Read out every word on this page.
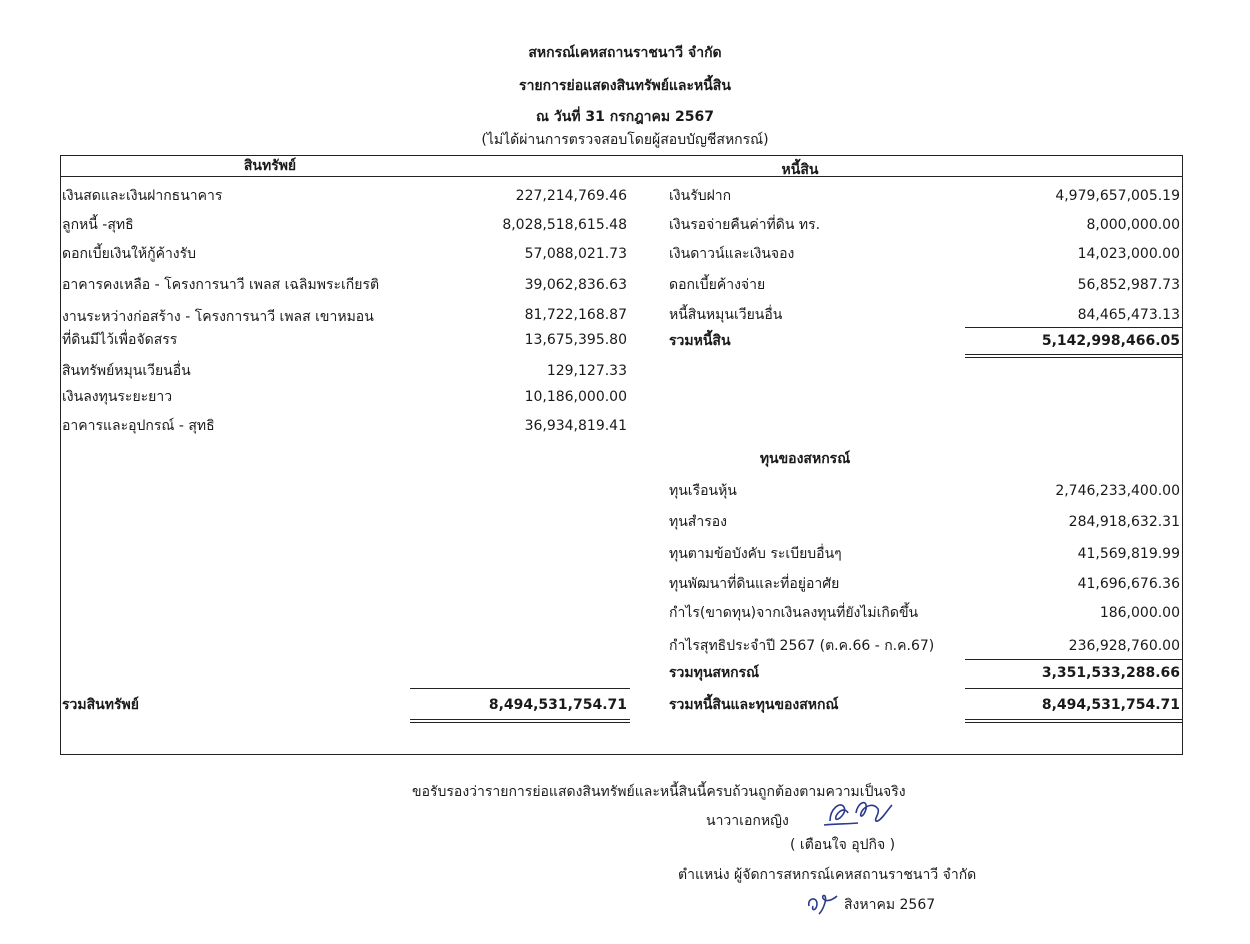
สหกรณ์เคหสถานราชนาวี จำกัด
รายการย่อแสดงสินทรัพย์และหนี้สิน
ณ วันที่ 31 กรกฎาคม 2567
(ไม่ได้ผ่านการตรวจสอบโดยผู้สอบบัญชีสหกรณ์)
สินทรัพย์	หนี้สิน
เงินสดและเงินฝากธนาคาร	227,214,769.46
ลูกหนี้ -สุทธิ	8,028,518,615.48
ดอกเบี้ยเงินให้กู้ค้างรับ	57,088,021.73
อาคารคงเหลือ - โครงการนาวี เพลส เฉลิมพระเกียรติ	39,062,836.63
งานระหว่างก่อสร้าง - โครงการนาวี เพลส เขาหมอน	81,722,168.87
ที่ดินมีไว้เพื่อจัดสรร	13,675,395.80
สินทรัพย์หมุนเวียนอื่น	129,127.33
เงินลงทุนระยะยาว	10,186,000.00
อาคารและอุปกรณ์ - สุทธิ	36,934,819.41
เงินรับฝาก	4,979,657,005.19
เงินรอจ่ายคืนค่าที่ดิน ทร.	8,000,000.00
เงินดาวน์และเงินจอง	14,023,000.00
ดอกเบี้ยค้างจ่าย	56,852,987.73
หนี้สินหมุนเวียนอื่น	84,465,473.13
รวมหนี้สิน	5,142,998,466.05
ทุนของสหกรณ์
ทุนเรือนหุ้น	2,746,233,400.00
ทุนสำรอง	284,918,632.31
ทุนตามข้อบังคับ ระเบียบอื่นๆ	41,569,819.99
ทุนพัฒนาที่ดินและที่อยู่อาศัย	41,696,676.36
กำไร(ขาดทุน)จากเงินลงทุนที่ยังไม่เกิดขึ้น	186,000.00
กำไรสุทธิประจำปี 2567 (ต.ค.66 - ก.ค.67)	236,928,760.00
รวมทุนสหกรณ์	3,351,533,288.66
รวมหนี้สินและทุนของสหกณ์	8,494,531,754.71
รวมสินทรัพย์	8,494,531,754.71
ขอรับรองว่ารายการย่อแสดงสินทรัพย์และหนี้สินนี้ครบถ้วนถูกต้องตามความเป็นจริง
นาวาเอกหญิง
( เตือนใจ อุปกิจ )
ตำแหน่ง ผู้จัดการสหกรณ์เคหสถานราชนาวี จำกัด
สิงหาคม 2567
